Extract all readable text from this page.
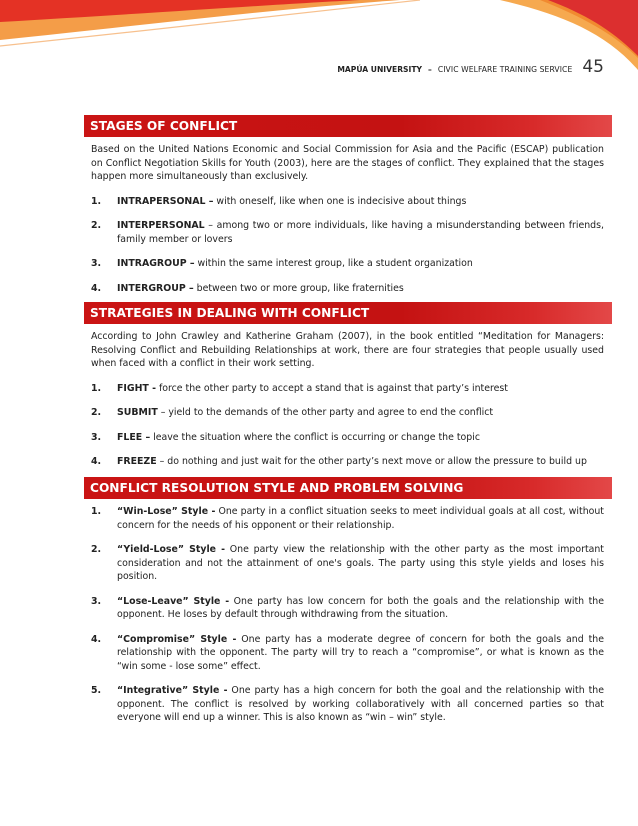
MAPÚA UNIVERSITY – CIVIC WELFARE TRAINING SERVICE 45
STAGES OF CONFLICT

Based on the United Nations Economic and Social Commission for Asia and the Pacific (ESCAP) publication on Conflict Negotiation Skills for Youth (2003), here are the stages of conflict. They explained that the stages happen more simultaneously than exclusively.

1. INTRAPERSONAL – with oneself, like when one is indecisive about things
2. INTERPERSONAL – among two or more individuals, like having a misunderstanding between friends, family member or lovers
3. INTRAGROUP – within the same interest group, like a student organization
4. INTERGROUP – between two or more group, like fraternities
STRATEGIES IN DEALING WITH CONFLICT

According to John Crawley and Katherine Graham (2007), in the book entitled “Meditation for Managers: Resolving Conflict and Rebuilding Relationships at work, there are four strategies that people usually used when faced with a conflict in their work setting.

1. FIGHT - force the other party to accept a stand that is against that party’s interest
2. SUBMIT – yield to the demands of the other party and agree to end the conflict
3. FLEE – leave the situation where the conflict is occurring or change the topic
4. FREEZE – do nothing and just wait for the other party’s next move or allow the pressure to build up
CONFLICT RESOLUTION STYLE AND PROBLEM SOLVING
1. “Win-Lose” Style - One party in a conflict situation seeks to meet individual goals at all cost, without concern for the needs of his opponent or their relationship.
2. “Yield-Lose” Style - One party view the relationship with the other party as the most important consideration and not the attainment of one's goals. The party using this style yields and loses his position.
3. “Lose-Leave” Style - One party has low concern for both the goals and the relationship with the opponent. He loses by default through withdrawing from the situation.
4. “Compromise” Style - One party has a moderate degree of concern for both the goals and the relationship with the opponent. The party will try to reach a “compromise”, or what is known as the “win some - lose some” effect.
5. “Integrative” Style - One party has a high concern for both the goal and the relationship with the opponent. The conflict is resolved by working collaboratively with all concerned parties so that everyone will end up a winner. This is also known as “win – win” style.
